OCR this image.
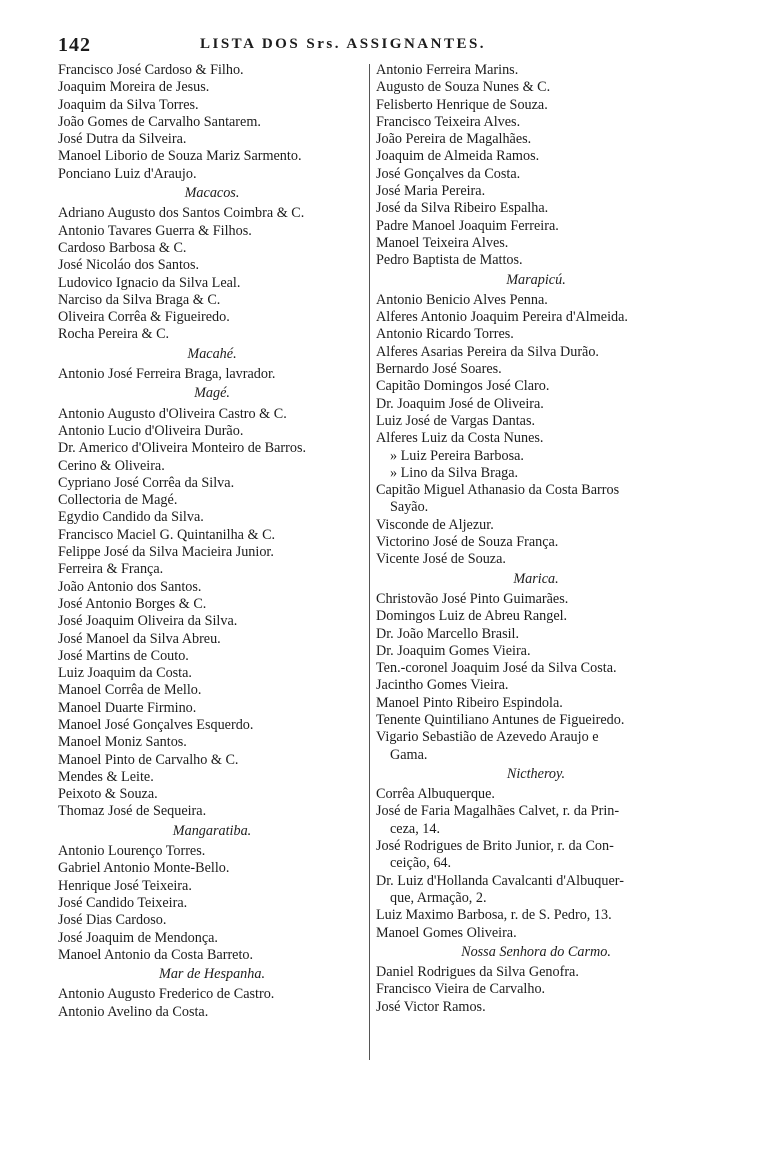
142	LISTA DOS Srs. ASSIGNANTES.
Francisco José Cardoso & Filho.
Joaquim Moreira de Jesus.
Joaquim da Silva Torres.
João Gomes de Carvalho Santarem.
José Dutra da Silveira.
Manoel Liborio de Souza Mariz Sarmento.
Ponciano Luiz d'Araujo.
Macacos.
Adriano Augusto dos Santos Coimbra & C.
Antonio Tavares Guerra & Filhos.
Cardoso Barbosa & C.
José Nicoláo dos Santos.
Ludovico Ignacio da Silva Leal.
Narciso da Silva Braga & C.
Oliveira Corrêa & Figueiredo.
Rocha Pereira & C.
Macahé.
Antonio José Ferreira Braga, lavrador.
Magé.
Antonio Augusto d'Oliveira Castro & C.
Antonio Lucio d'Oliveira Durão.
Dr. Americo d'Oliveira Monteiro de Barros.
Cerino & Oliveira.
Cypriano José Corrêa da Silva.
Collectoria de Magé.
Egydio Candido da Silva.
Francisco Maciel G. Quintanilha & C.
Felippe José da Silva Macieira Junior.
Ferreira & França.
João Antonio dos Santos.
José Antonio Borges & C.
José Joaquim Oliveira da Silva.
José Manoel da Silva Abreu.
José Martins de Couto.
Luiz Joaquim da Costa.
Manoel Corrêa de Mello.
Manoel Duarte Firmino.
Manoel José Gonçalves Esquerdo.
Manoel Moniz Santos.
Manoel Pinto de Carvalho & C.
Mendes & Leite.
Peixoto & Souza.
Thomaz José de Sequeira.
Mangaratiba.
Antonio Lourenço Torres.
Gabriel Antonio Monte-Bello.
Henrique José Teixeira.
José Candido Teixeira.
José Dias Cardoso.
José Joaquim de Mendonça.
Manoel Antonio da Costa Barreto.
Mar de Hespanha.
Antonio Augusto Frederico de Castro.
Antonio Avelino da Costa.
Antonio Ferreira Marins.
Augusto de Souza Nunes & C.
Felisberto Henrique de Souza.
Francisco Teixeira Alves.
João Pereira de Magalhães.
Joaquim de Almeida Ramos.
José Gonçalves da Costa.
José Maria Pereira.
José da Silva Ribeiro Espalha.
Padre Manoel Joaquim Ferreira.
Manoel Teixeira Alves.
Pedro Baptista de Mattos.
Marapicú.
Antonio Benicio Alves Penna.
Alferes Antonio Joaquim Pereira d'Almeida.
Antonio Ricardo Torres.
Alferes Asarias Pereira da Silva Durão.
Bernardo José Soares.
Capitão Domingos José Claro.
Dr. Joaquim José de Oliveira.
Luiz José de Vargas Dantas.
Alferes Luiz da Costa Nunes.
» Luiz Pereira Barbosa.
» Lino da Silva Braga.
Capitão Miguel Athanasio da Costa Barros
Sayão.
Visconde de Aljezur.
Victorino José de Souza França.
Vicente José de Souza.
Marica.
Christovão José Pinto Guimarães.
Domingos Luiz de Abreu Rangel.
Dr. João Marcello Brasil.
Dr. Joaquim Gomes Vieira.
Ten.-coronel Joaquim José da Silva Costa.
Jacintho Gomes Vieira.
Manoel Pinto Ribeiro Espindola.
Tenente Quintiliano Antunes de Figueiredo.
Vigario Sebastião de Azevedo Araujo e
Gama.
Nictheroy.
Corrêa Albuquerque.
José de Faria Magalhães Calvet, r. da Prin-
ceza, 14.
José Rodrigues de Brito Junior, r. da Con-
ceição, 64.
Dr. Luiz d'Hollanda Cavalcanti d'Albuquer-
que, Armação, 2.
Luiz Maximo Barbosa, r. de S. Pedro, 13.
Manoel Gomes Oliveira.
Nossa Senhora do Carmo.
Daniel Rodrigues da Silva Genofra.
Francisco Vieira de Carvalho.
José Victor Ramos.
